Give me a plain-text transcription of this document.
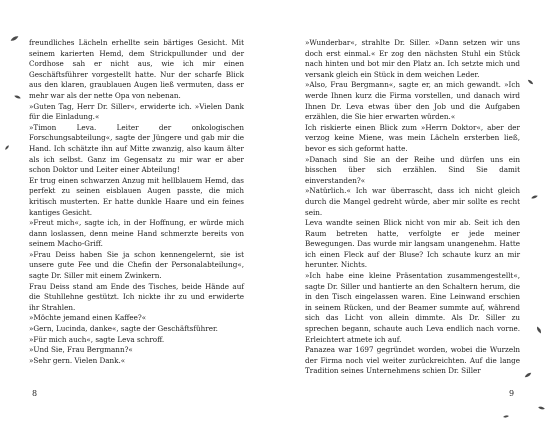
freundliches Lächeln erhellte sein bärtiges Gesicht. Mit seinem karierten Hemd, dem Strickpullunder und der Cordhose sah er nicht aus, wie ich mir einen Geschäftsführer vorgestellt hatte. Nur der scharfe Blick aus den klaren, graublauen Augen ließ vermuten, dass er mehr war als der nette Opa von nebenan.

»Guten Tag, Herr Dr. Siller«, erwiderte ich. »Vielen Dank für die Einladung.«

»Timon Leva. Leiter der onkologischen Forschungsabteilung«, sagte der Jüngere und gab mir die Hand. Ich schätzte ihn auf Mitte zwanzig, also kaum älter als ich selbst. Ganz im Gegensatz zu mir war er aber schon Doktor und Leiter einer Abteilung!

Er trug einen schwarzen Anzug mit hellblauem Hemd, das perfekt zu seinen eisblauen Augen passte, die mich kritisch musterten. Er hatte dunkle Haare und ein feines kantiges Gesicht.

»Freut mich«, sagte ich, in der Hoffnung, er würde mich dann loslassen, denn meine Hand schmerzte bereits von seinem Macho-Griff.

»Frau Deiss haben Sie ja schon kennengelernt, sie ist unsere gute Fee und die Chefin der Personalabteilung«, sagte Dr. Siller mit einem Zwinkern.

Frau Deiss stand am Ende des Tisches, beide Hände auf die Stuhllehne gestützt. Ich nickte ihr zu und erwiderte ihr Strahlen.

»Möchte jemand einen Kaffee?«

»Gern, Lucinda, danke«, sagte der Geschäftsführer.

»Für mich auch«, sagte Leva schroff.

»Und Sie, Frau Bergmann?«

»Sehr gern. Vielen Dank.«

»Wunderbar«, strahlte Dr. Siller. »Dann setzen wir uns doch erst einmal.« Er zog den nächsten Stuhl ein Stück nach hinten und bot mir den Platz an. Ich setzte mich und versank gleich ein Stück in dem weichen Leder.

»Also, Frau Bergmann«, sagte er, an mich gewandt. »Ich werde Ihnen kurz die Firma vorstellen, und danach wird Ihnen Dr. Leva etwas über den Job und die Aufgaben erzählen, die Sie hier erwarten würden.«

Ich riskierte einen Blick zum »Herrn Doktor«, aber der verzog keine Miene, was mein Lächeln ersterben ließ, bevor es sich geformt hatte.

»Danach sind Sie an der Reihe und dürfen uns ein bisschen über sich erzählen. Sind Sie damit einverstanden?«

»Natürlich.« Ich war überrascht, dass ich nicht gleich durch die Mangel gedreht würde, aber mir sollte es recht sein.

Leva wandte seinen Blick nicht von mir ab. Seit ich den Raum betreten hatte, verfolgte er jede meiner Bewegungen. Das wurde mir langsam unangenehm. Hatte ich einen Fleck auf der Bluse? Ich schaute kurz an mir herunter. Nichts.

»Ich habe eine kleine Präsentation zusammengestellt«, sagte Dr. Siller und hantierte an den Schaltern herum, die in den Tisch eingelassen waren. Eine Leinwand erschien in seinem Rücken, und der Beamer summte auf, während sich das Licht von allein dimmte. Als Dr. Siller zu sprechen begann, schaute auch Leva endlich nach vorne. Erleichtert atmete ich auf.

Panazea war 1697 gegründet worden, wobei die Wurzeln der Firma noch viel weiter zurückreichten. Auf die lange Tradition seines Unternehmens schien Dr. Siller

8	9
